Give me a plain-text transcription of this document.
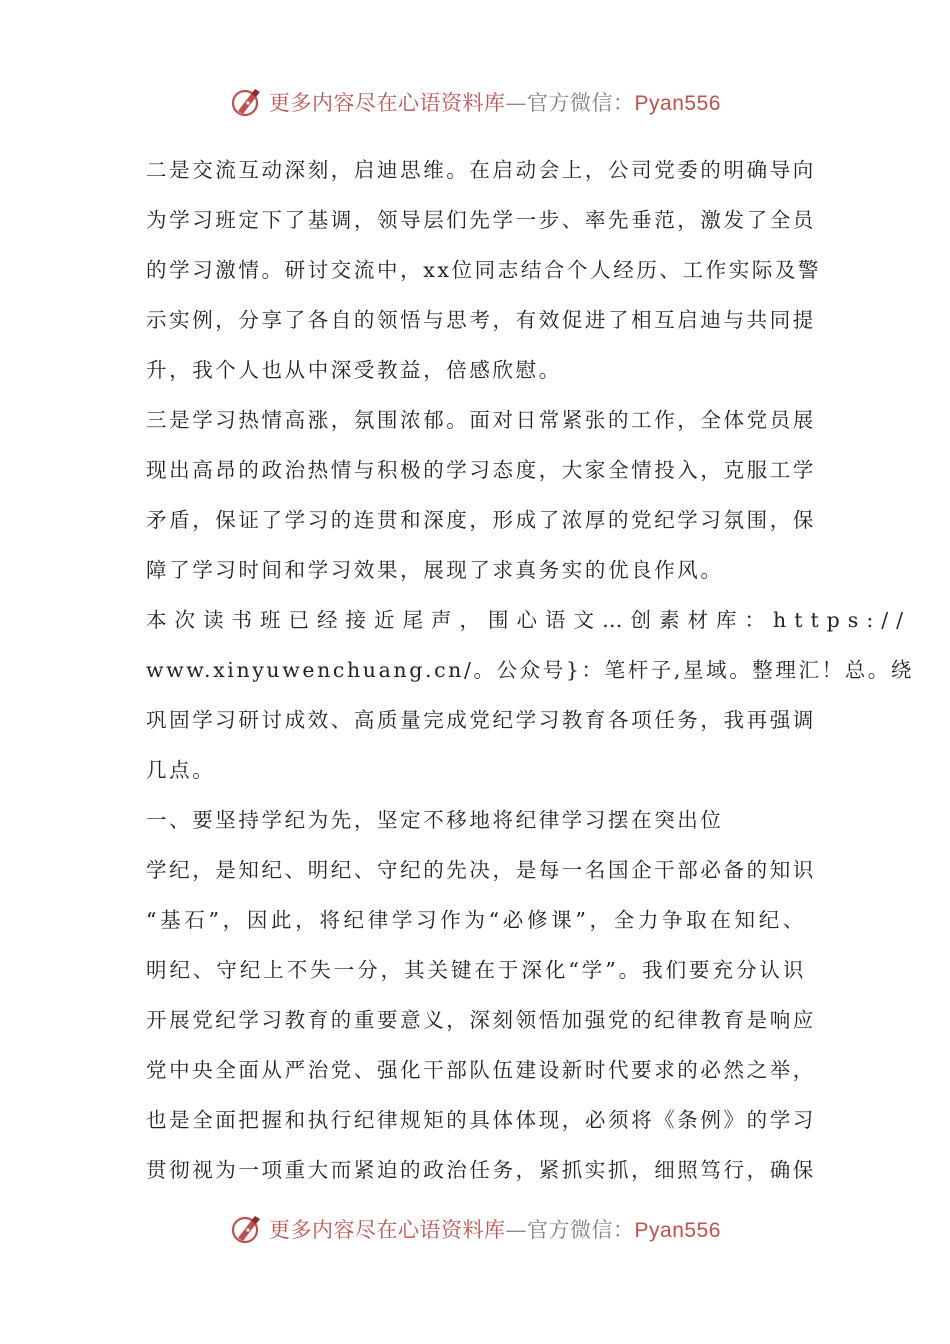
更多内容尽在心语资料库—官方微信：Pyan556
二是交流互动深刻，启迪思维。在启动会上，公司党委的明确导向
为学习班定下了基调，领导层们先学一步、率先垂范，激发了全员
的学习激情。研讨交流中，xx位同志结合个人经历、工作实际及警
示实例，分享了各自的领悟与思考，有效促进了相互启迪与共同提
升，我个人也从中深受教益，倍感欣慰。
三是学习热情高涨，氛围浓郁。面对日常紧张的工作，全体党员展
现出高昂的政治热情与积极的学习态度，大家全情投入，克服工学
矛盾，保证了学习的连贯和深度，形成了浓厚的党纪学习氛围，保
障了学习时间和学习效果，展现了求真务实的优良作风。
本次读书班已经接近尾声，围心语文…创素材库：https://
www.xinyuwenchuang.cn/。公众号}：笔杆子,星域。整理汇！总。绕
巩固学习研讨成效、高质量完成党纪学习教育各项任务，我再强调
几点。
一、要坚持学纪为先，坚定不移地将纪律学习摆在突出位
学纪，是知纪、明纪、守纪的先决，是每一名国企干部必备的知识
“基石”，因此，将纪律学习作为“必修课”，全力争取在知纪、
明纪、守纪上不失一分，其关键在于深化“学”。我们要充分认识
开展党纪学习教育的重要意义，深刻领悟加强党的纪律教育是响应
党中央全面从严治党、强化干部队伍建设新时代要求的必然之举，
也是全面把握和执行纪律规矩的具体体现，必须将《条例》的学习
贯彻视为一项重大而紧迫的政治任务，紧抓实抓，细照笃行，确保
更多内容尽在心语资料库—官方微信：Pyan556
